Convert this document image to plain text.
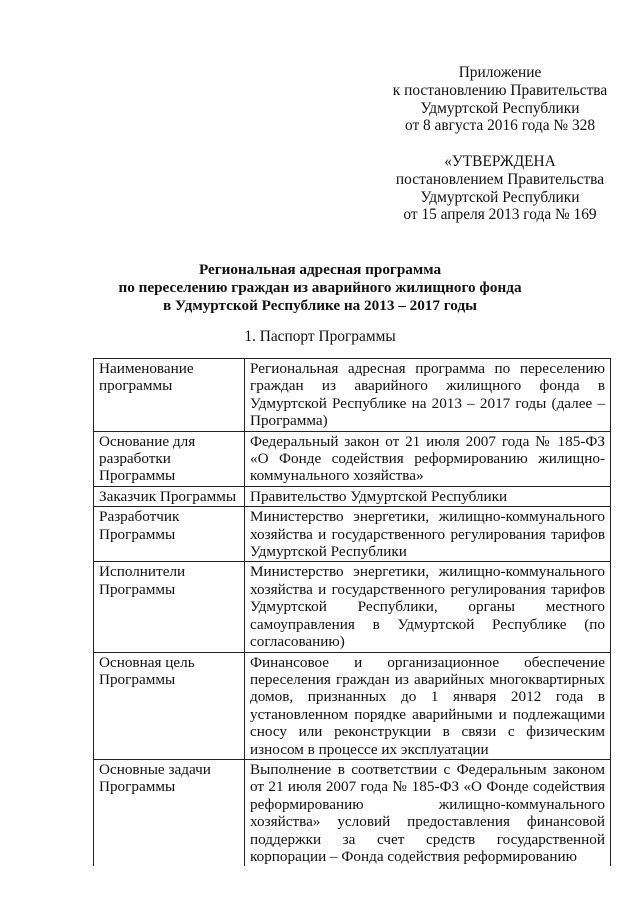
Приложение
к постановлению Правительства
Удмуртской Республики
от 8 августа 2016 года № 328
«УТВЕРЖДЕНА
постановлением Правительства
Удмуртской Республики
от 15 апреля 2013 года № 169
Региональная адресная программа
по переселению граждан из аварийного жилищного фонда
в Удмуртской Республике на 2013 – 2017 годы
1. Паспорт Программы
Наименование программы	Региональная адресная программа по переселению граждан из аварийного жилищного фонда в Удмуртской Республике на 2013 – 2017 годы (далее – Программа)
Основание для разработки Программы	Федеральный закон от 21 июля 2007 года № 185-ФЗ «О Фонде содействия реформированию жилищно-коммунального хозяйства»
Заказчик Программы	Правительство Удмуртской Республики
Разработчик Программы	Министерство энергетики, жилищно-коммунального хозяйства и государственного регулирования тарифов Удмуртской Республики
Исполнители Программы	Министерство энергетики, жилищно-коммунального хозяйства и государственного регулирования тарифов Удмуртской Республики, органы местного самоуправления в Удмуртской Республике (по согласованию)
Основная цель Программы	Финансовое и организационное обеспечение переселения граждан из аварийных многоквартирных домов, признанных до 1 января 2012 года в установленном порядке аварийными и подлежащими сносу или реконструкции в связи с физическим износом в процессе их эксплуатации
Основные задачи Программы	Выполнение в соответствии с Федеральным законом от 21 июля 2007 года № 185-ФЗ «О Фонде содействия реформированию жилищно-коммунального хозяйства» условий предоставления финансовой поддержки за счет средств государственной корпорации – Фонда содействия реформированию
